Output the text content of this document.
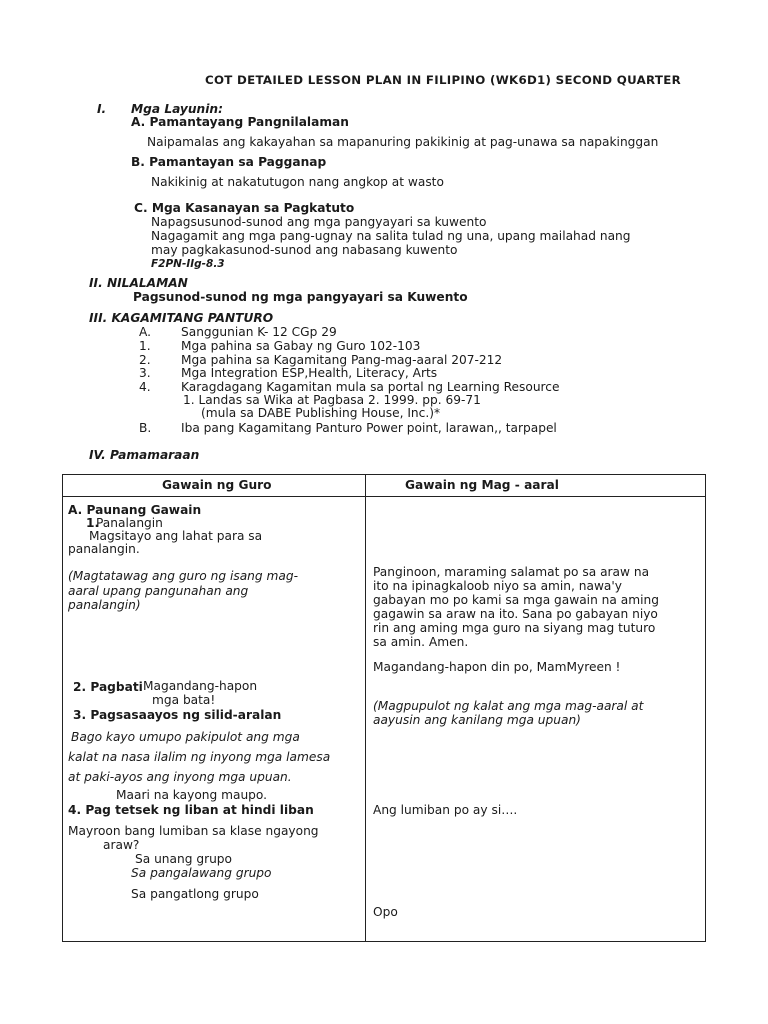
COT DETAILED LESSON PLAN IN FILIPINO (WK6D1) SECOND QUARTER
I. Mga Layunin:
A. Pamantayang Pangnilalaman
Naipamalas ang kakayahan sa mapanuring pakikinig at pag-unawa sa napakinggan
B. Pamantayan sa Pagganap
Nakikinig at nakatutugon nang angkop at wasto
C. Mga Kasanayan sa Pagkatuto
Napagsusunod-sunod ang mga pangyayari sa kuwento
Nagagamit ang mga pang-ugnay na salita tulad ng una, upang mailahad nang
may pagkakasunod-sunod ang nabasang kuwento
F2PN-IIg-8.3
II. NILALAMAN
Pagsunod-sunod ng mga pangyayari sa Kuwento
III. KAGAMITANG PANTURO
A. Sanggunian K- 12 CGp 29
1. Mga pahina sa Gabay ng Guro 102-103
2. Mga pahina sa Kagamitang Pang-mag-aaral 207-212
3. Mga Integration ESP,Health, Literacy, Arts
4. Karagdagang Kagamitan mula sa portal ng Learning Resource
1. Landas sa Wika at Pagbasa 2. 1999. pp. 69-71
(mula sa DABE Publishing House, Inc.)*
B. Iba pang Kagamitang Panturo Power point, larawan,, tarpapel
IV. Pamamaraan
Gawain ng Guro	Gawain ng Mag - aaral
A. Paunang Gawain
1.
Panalangin
Magsitayo ang lahat para sa
panalangin.
(Magtatawag ang guro ng isang mag-
aaral upang pangunahan ang
panalangin)
2. Pagbati Magandang-hapon
mga bata!
3. Pagsasaayos ng silid-aralan
Bago kayo umupo pakipulot ang mga
kalat na nasa ilalim ng inyong mga lamesa
at paki-ayos ang inyong mga upuan.
Maari na kayong maupo.
4. Pag tetsek ng liban at hindi liban
Mayroon bang lumiban sa klase ngayong
araw?
Sa unang grupo
Sa pangalawang grupo
Sa pangatlong grupo
Panginoon, maraming salamat po sa araw na
ito na ipinagkaloob niyo sa amin, nawa'y
gabayan mo po kami sa mga gawain na aming
gagawin sa araw na ito. Sana po gabayan niyo
rin ang aming mga guro na siyang mag tuturo
sa amin. Amen.
Magandang-hapon din po, MamMyreen !
(Magpupulot ng kalat ang mga mag-aaral at
aayusin ang kanilang mga upuan)
Ang lumiban po ay si….
Opo
